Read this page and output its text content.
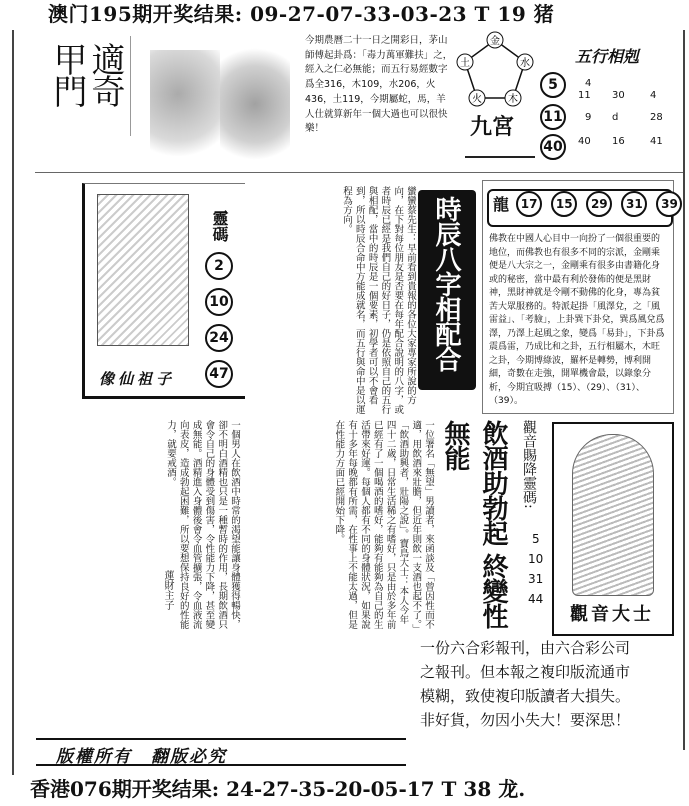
澳门195期开奖结果: 09-27-07-33-03-23 T 19 猪
適奇甲門
今期農曆二十一日之開彩日，茅山師傅起卦爲：「毒力萬軍難扶」之，經入之仁必無能；而五行易經數字爲全316，木109，水206，火436，土119，今期屬蛇，馬，羊人仕就算新年一個大過也可以很快樂！
金
水
木
火
土
九宮
5
11
40
五行相剋
4
11 30	4
9 d	28
40 16	41
像仙祖子
靈碼
2
10
24
47	蠻蠻蔡先生：早前看到貴報的各位大家專家所說的方向，在下對每位朋友是否要在每年配合說明的八字，或者時辰已經是我們自己的好日子，仍是依照自己的五行與相配，當中的時辰是一個要素，初學者可以不會看到，所以時辰合命中方能成就名，而五行與命中是以運程為方向。	時辰八字相配合	龍 17 15 29 31 39
佛教在中國人心目中一向扮了一個很重要的地位，而佛教也有很多不同的宗派，金剛乘便是八大宗之一，金剛乘有很多由書籍化身或的秘密，當中最有利於發佈的便是黑財神，黑財神就是令剛不動佛的化身，專為貧苦大眾服務的。特派起掛「風澤兌，之「風雷益」、「考臉」，上卦巽下卦兌，巽爲風兌爲澤，乃澤上起風之象，變爲「易卦」，下卦爲震爲雷，乃成比和之卦，五行相屬木，木旺之卦，今期博綠波，羅杯是轉勢，博利開細，奇數在走強，開單機會最，以錄象分析，今期宜吸搏（15）、（29）、（31）、（39）。
一個男人在飲酒中時常的渴望能讓身體獲得暢快，卻不明白酒精也只是一種暫時的作用，長期飲酒只會令自己的身體受到傷害，令性能力下降，甚至變成無能。酒精進入身體後會令血管擴張，令血液流向表皮，造成勃起困難，所以要想保持良好的性能力，就要戒酒。	一位署名「無望」男讀者，來函談及「曾因性而不適，用飲酒來壯膽，但近年則飲一支酒也起不了。」「飲酒助興者，壯陽之說」。寶鳥大士：本人今年四十二歲，日常生活稀之有嗜好，只是由於多年前已經有了一個喝酒的嗜好，能夠有能夠為自己的生活帶來好運。每個人都有不同的身體狀況，如果說有十多年每晚都有所需，在性事上不能太過，但是在性能力方面已經開始下降。
蓮財主子	飲酒助勃起 終變性無能	觀音賜降靈碼:
5
10
31
44
觀音大士
一份六合彩報刊，由六合彩公司
之報刊。但本報之複印版流通市
模糊，致使複印版讀者大損失。
非好貨，勿因小失大！要深思！
版權所有　翻版必究
香港076期开奖结果: 24-27-35-20-05-17 T 38 龙.
